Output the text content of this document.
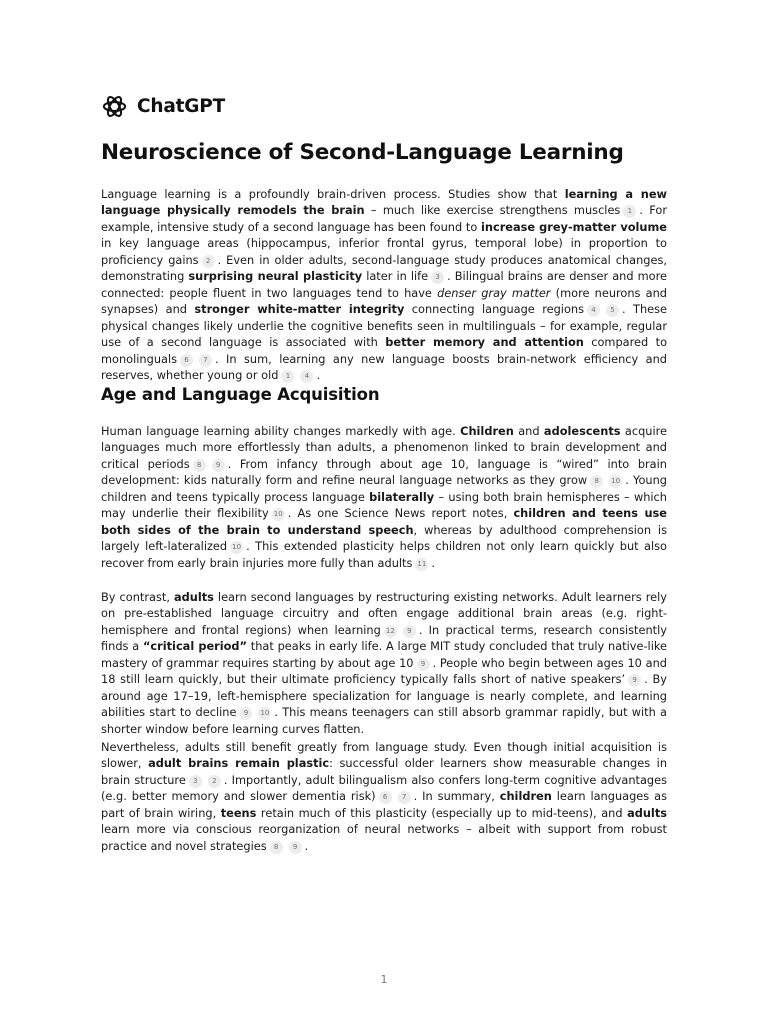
ChatGPT
Neuroscience of Second-Language Learning

Language learning is a profoundly brain-driven process. Studies show that learning a new language physically remodels the brain – much like exercise strengthens muscles 1 . For example, intensive study of a second language has been found to increase grey-matter volume in key language areas (hippocampus, inferior frontal gyrus, temporal lobe) in proportion to proficiency gains 2 . Even in older adults, second-language study produces anatomical changes, demonstrating surprising neural plasticity later in life 3 . Bilingual brains are denser and more connected: people fluent in two languages tend to have denser gray matter (more neurons and synapses) and stronger white-matter integrity connecting language regions 4 5 . These physical changes likely underlie the cognitive benefits seen in multilinguals – for example, regular use of a second language is associated with better memory and attention compared to monolinguals 6 7 . In sum, learning any new language boosts brain-network efficiency and reserves, whether young or old 1 4 .

Age and Language Acquisition

Human language learning ability changes markedly with age. Children and adolescents acquire languages much more effortlessly than adults, a phenomenon linked to brain development and critical periods 8 9 . From infancy through about age 10, language is “wired” into brain development: kids naturally form and refine neural language networks as they grow 8 10 . Young children and teens typically process language bilaterally – using both brain hemispheres – which may underlie their flexibility 10 . As one Science News report notes, children and teens use both sides of the brain to understand speech, whereas by adulthood comprehension is largely left-lateralized 10 . This extended plasticity helps children not only learn quickly but also recover from early brain injuries more fully than adults 11 .

By contrast, adults learn second languages by restructuring existing networks. Adult learners rely on pre-established language circuitry and often engage additional brain areas (e.g. right-hemisphere and frontal regions) when learning 12 9 . In practical terms, research consistently finds a “critical period” that peaks in early life. A large MIT study concluded that truly native-like mastery of grammar requires starting by about age 10 9 . People who begin between ages 10 and 18 still learn quickly, but their ultimate proficiency typically falls short of native speakers’ 9 . By around age 17–19, left-hemisphere specialization for language is nearly complete, and learning abilities start to decline 9 10 . This means teenagers can still absorb grammar rapidly, but with a shorter window before learning curves flatten.

Nevertheless, adults still benefit greatly from language study. Even though initial acquisition is slower, adult brains remain plastic: successful older learners show measurable changes in brain structure 3 2 . Importantly, adult bilingualism also confers long-term cognitive advantages (e.g. better memory and slower dementia risk) 6 7 . In summary, children learn languages as part of brain wiring, teens retain much of this plasticity (especially up to mid-teens), and adults learn more via conscious reorganization of neural networks – albeit with support from robust practice and novel strategies 8 9 .

1
